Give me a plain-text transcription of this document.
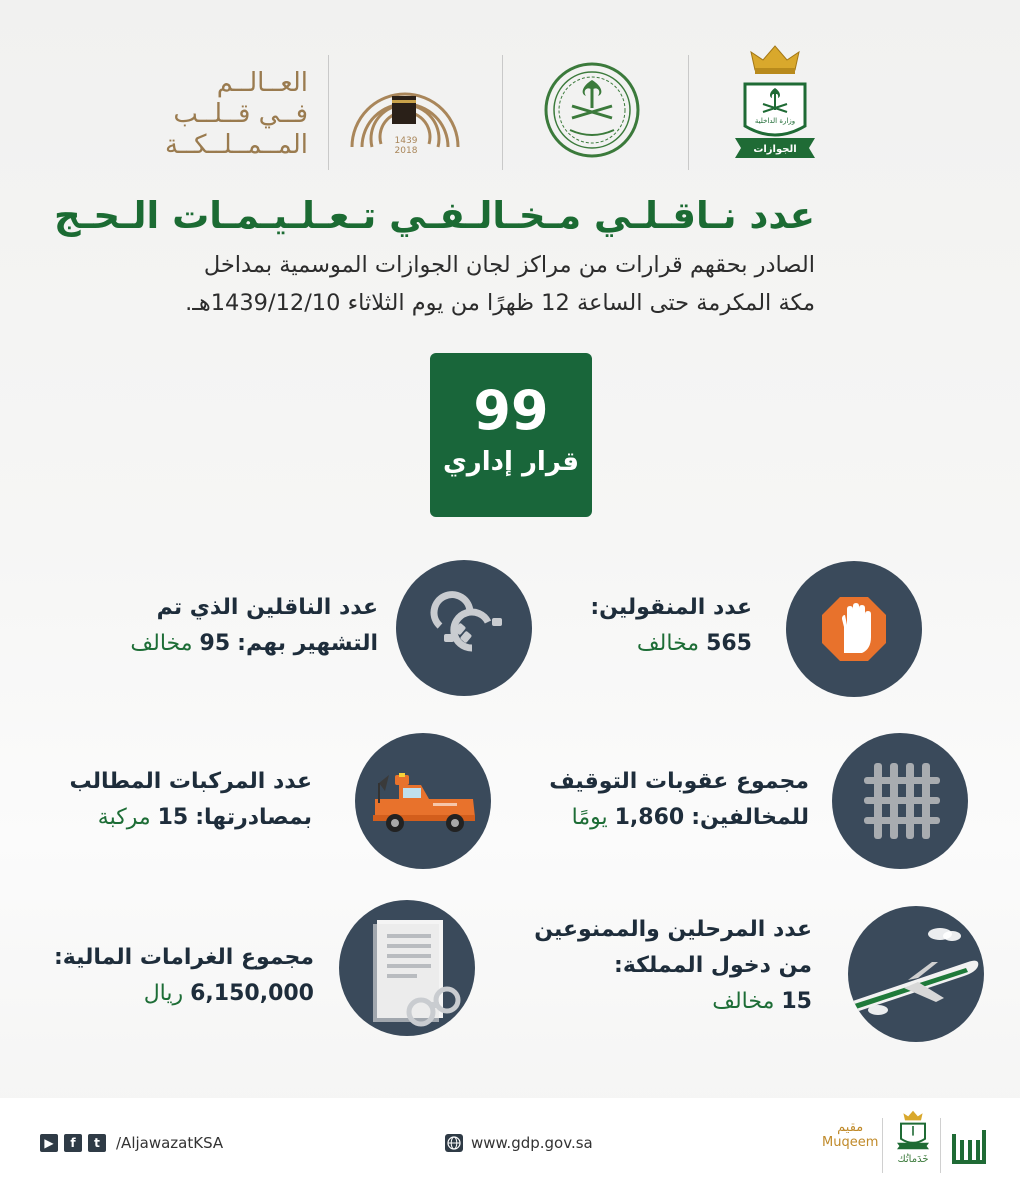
العــالــم
فــي قــلــب
المــمــلــكــة	1439
2018
وزارة الداخلية
الجوازات
عدد نـاقـلـي مـخـالـفـي تـعـلـيـمـات الـحـج
الصادر بحقهم قرارات من مراكز لجان الجوازات الموسمية بمداخل
مكة المكرمة حتى الساعة 12 ظهرًا من يوم الثلاثاء 1439/12/10هـ.
99
قرار إداري
عدد المنقولين:
565 مخالف
عدد الناقلين الذي تم
التشهير بهم: 95 مخالف
مجموع عقوبات التوقيف
للمخالفين: 1,860 يومًا
عدد المركبات المطالب
بمصادرتها: 15 مركبة
عدد المرحلين والممنوعين
من دخول المملكة:
15 مخالف
مجموع الغرامات المالية:
6,150,000 ريال
▶	f	t	/AljawazatKSA	www.gdp.gov.sa
مقيم
Muqeem
خَدَماتُك
